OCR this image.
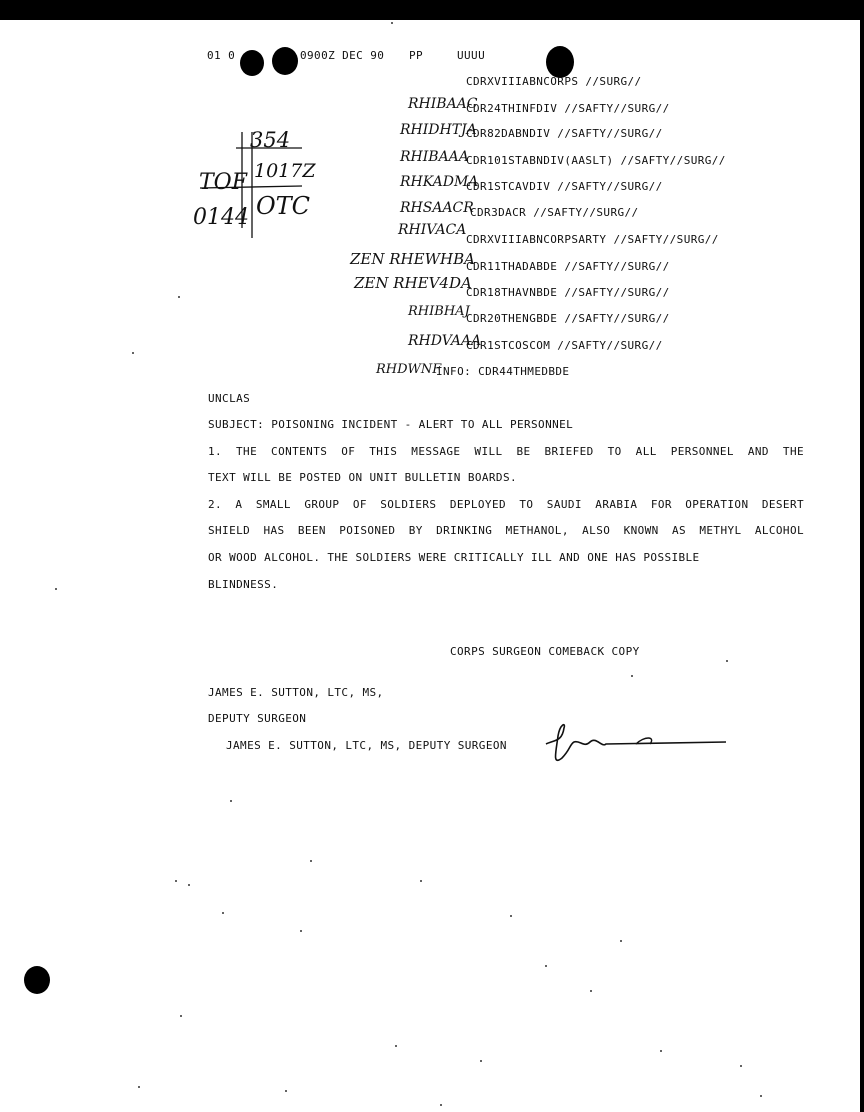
01 0	0900Z DEC 90 PP	UUUU
CDRXVIIIABNCORPS //SURG//
RHIBAAC
CDR24THINFDIV //SAFTY//SURG//
RHIDHTJA
CDR82DABNDIV //SAFTY//SURG//
RHIBAAA
CDR101STABNDIV(AASLT) //SAFTY//SURG//
RHKADMA
CDR1STCAVDIV //SAFTY//SURG//
RHSAACR
CDR3DACR //SAFTY//SURG//
RHIVACA
CDRXVIIIABNCORPSARTY //SAFTY//SURG//
ZEN RHEWHBA
CDR11THADABDE //SAFTY//SURG//
ZEN RHEV4DA
CDR18THAVNBDE //SAFTY//SURG//
RHIBHAJ
CDR20THENGBDE //SAFTY//SURG//
RHDVAAA
CDR1STCOSCOM //SAFTY//SURG//
RHDWNF
INFO: CDR44THMEDBDE
354
1017Z
OTC
TOF
0144
UNCLAS
SUBJECT: POISONING INCIDENT - ALERT TO ALL PERSONNEL
1. THE CONTENTS OF THIS MESSAGE WILL BE BRIEFED TO ALL PERSONNEL AND THE
TEXT WILL BE POSTED ON UNIT BULLETIN BOARDS.
2. A SMALL GROUP OF SOLDIERS DEPLOYED TO SAUDI ARABIA FOR OPERATION DESERT
SHIELD HAS BEEN POISONED BY DRINKING METHANOL, ALSO KNOWN AS METHYL ALCOHOL
OR WOOD ALCOHOL. THE SOLDIERS WERE CRITICALLY ILL AND ONE HAS POSSIBLE
BLINDNESS.
CORPS SURGEON COMEBACK COPY
JAMES E. SUTTON, LTC, MS,
DEPUTY SURGEON
JAMES E. SUTTON, LTC, MS, DEPUTY SURGEON
